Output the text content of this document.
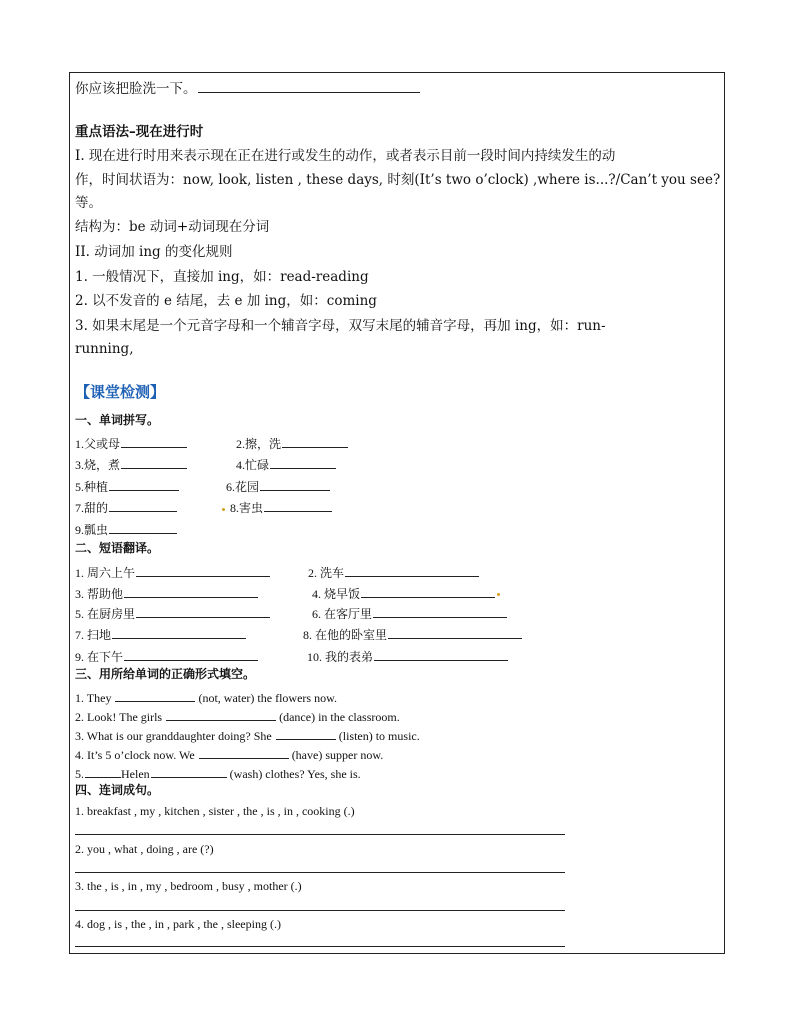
你应该把脸洗一下。
重点语法–现在进行时
I. 现在进行时用来表示现在正在进行或发生的动作，或者表示目前一段时间内持续发生的动
作，时间状语为：now, look, listen , these days, 时刻(It’s two o’clock) ,where is...?/Can’t you see?
等。
结构为：be 动词+动词现在分词
II. 动词加 ing 的变化规则
1. 一般情况下，直接加 ing，如：read-reading
2. 以不发音的 e 结尾，去 e 加 ing，如：coming
3. 如果末尾是一个元音字母和一个辅音字母，双写末尾的辅音字母，再加 ing，如：run-
running,
【课堂检测】
一、单词拼写。
1.父或母	2.擦，洗
3.烧，煮	4.忙碌
5.种植	6.花园
7.甜的	8.害虫
9.瓢虫
二、短语翻译。
1. 周六上午	2. 洗车
3. 帮助他	4. 烧早饭
5. 在厨房里	6. 在客厅里
7. 扫地	8. 在他的卧室里
9. 在下午	10. 我的表弟
三、用所给单词的正确形式填空。
1. They	(not, water) the flowers now.
2. Look! The girls	(dance) in the classroom.
3. What is our granddaughter doing? She	(listen) to music.
4. It’s 5 o’clock now. We	(have) supper now.
5.	Helen	(wash) clothes? Yes, she is.
四、连词成句。
1. breakfast , my , kitchen , sister , the , is , in , cooking (.)
2. you , what , doing , are (?)
3. the , is , in , my , bedroom , busy , mother (.)
4. dog , is , the , in , park , the , sleeping (.)
